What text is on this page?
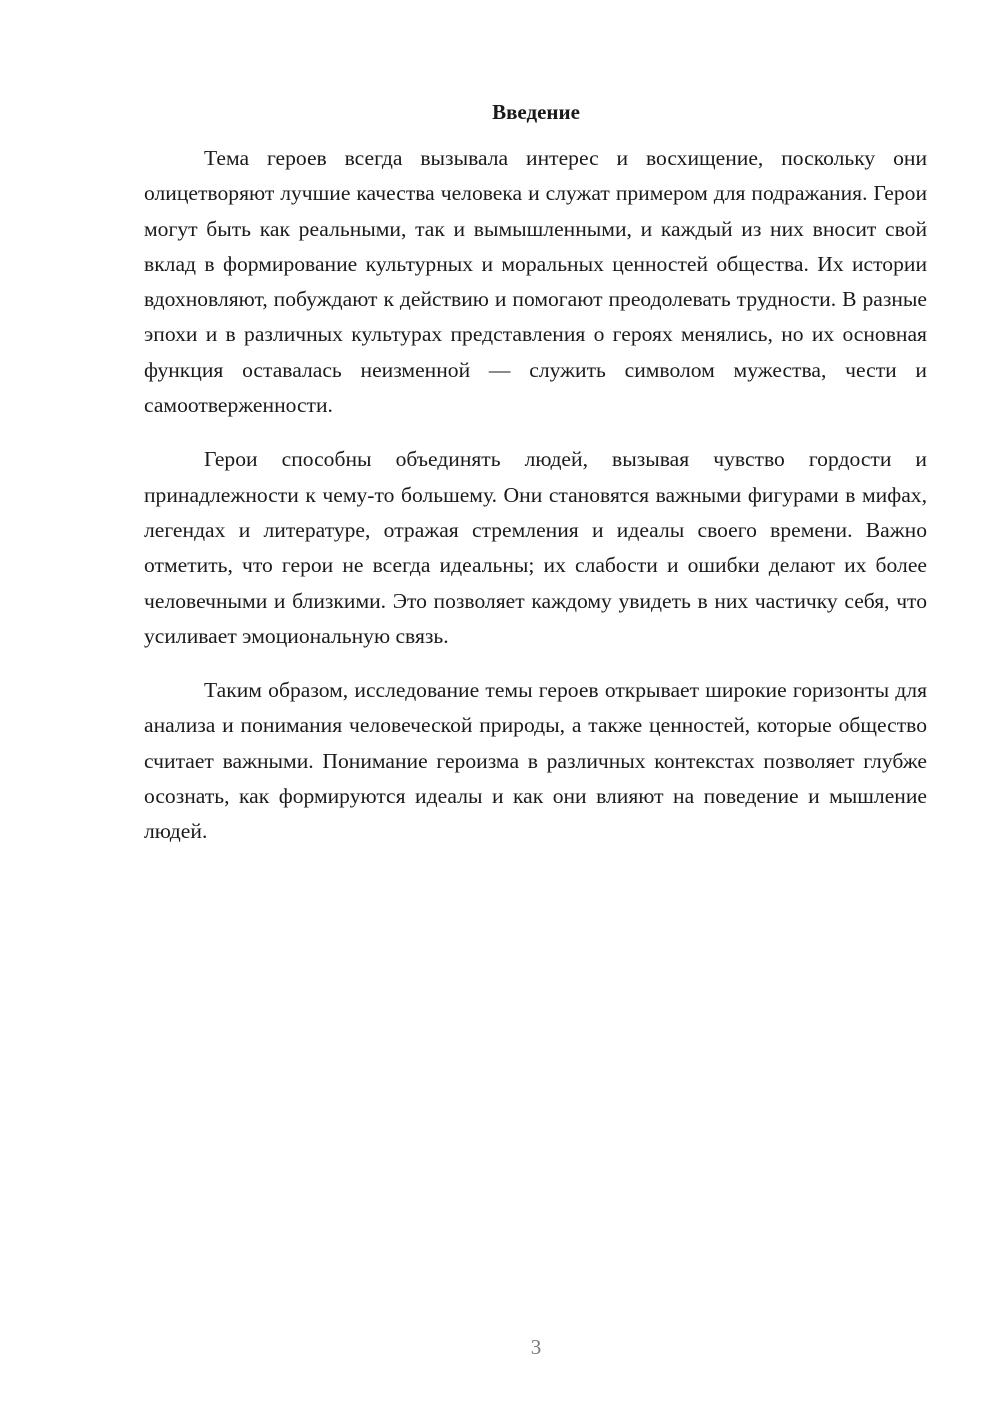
Введение

Тема героев всегда вызывала интерес и восхищение, поскольку они олицетворяют лучшие качества человека и служат примером для подражания. Герои могут быть как реальными, так и вымышленными, и каждый из них вносит свой вклад в формирование культурных и моральных ценностей общества. Их истории вдохновляют, побуждают к действию и помогают преодолевать трудности. В разные эпохи и в различных культурах представления о героях менялись, но их основная функция оставалась неизменной — служить символом мужества, чести и самоотверженности.

Герои способны объединять людей, вызывая чувство гордости и принадлежности к чему-то большему. Они становятся важными фигурами в мифах, легендах и литературе, отражая стремления и идеалы своего времени. Важно отметить, что герои не всегда идеальны; их слабости и ошибки делают их более человечными и близкими. Это позволяет каждому увидеть в них частичку себя, что усиливает эмоциональную связь.

Таким образом, исследование темы героев открывает широкие горизонты для анализа и понимания человеческой природы, а также ценностей, которые общество считает важными. Понимание героизма в различных контекстах позволяет глубже осознать, как формируются идеалы и как они влияют на поведение и мышление людей.

3
